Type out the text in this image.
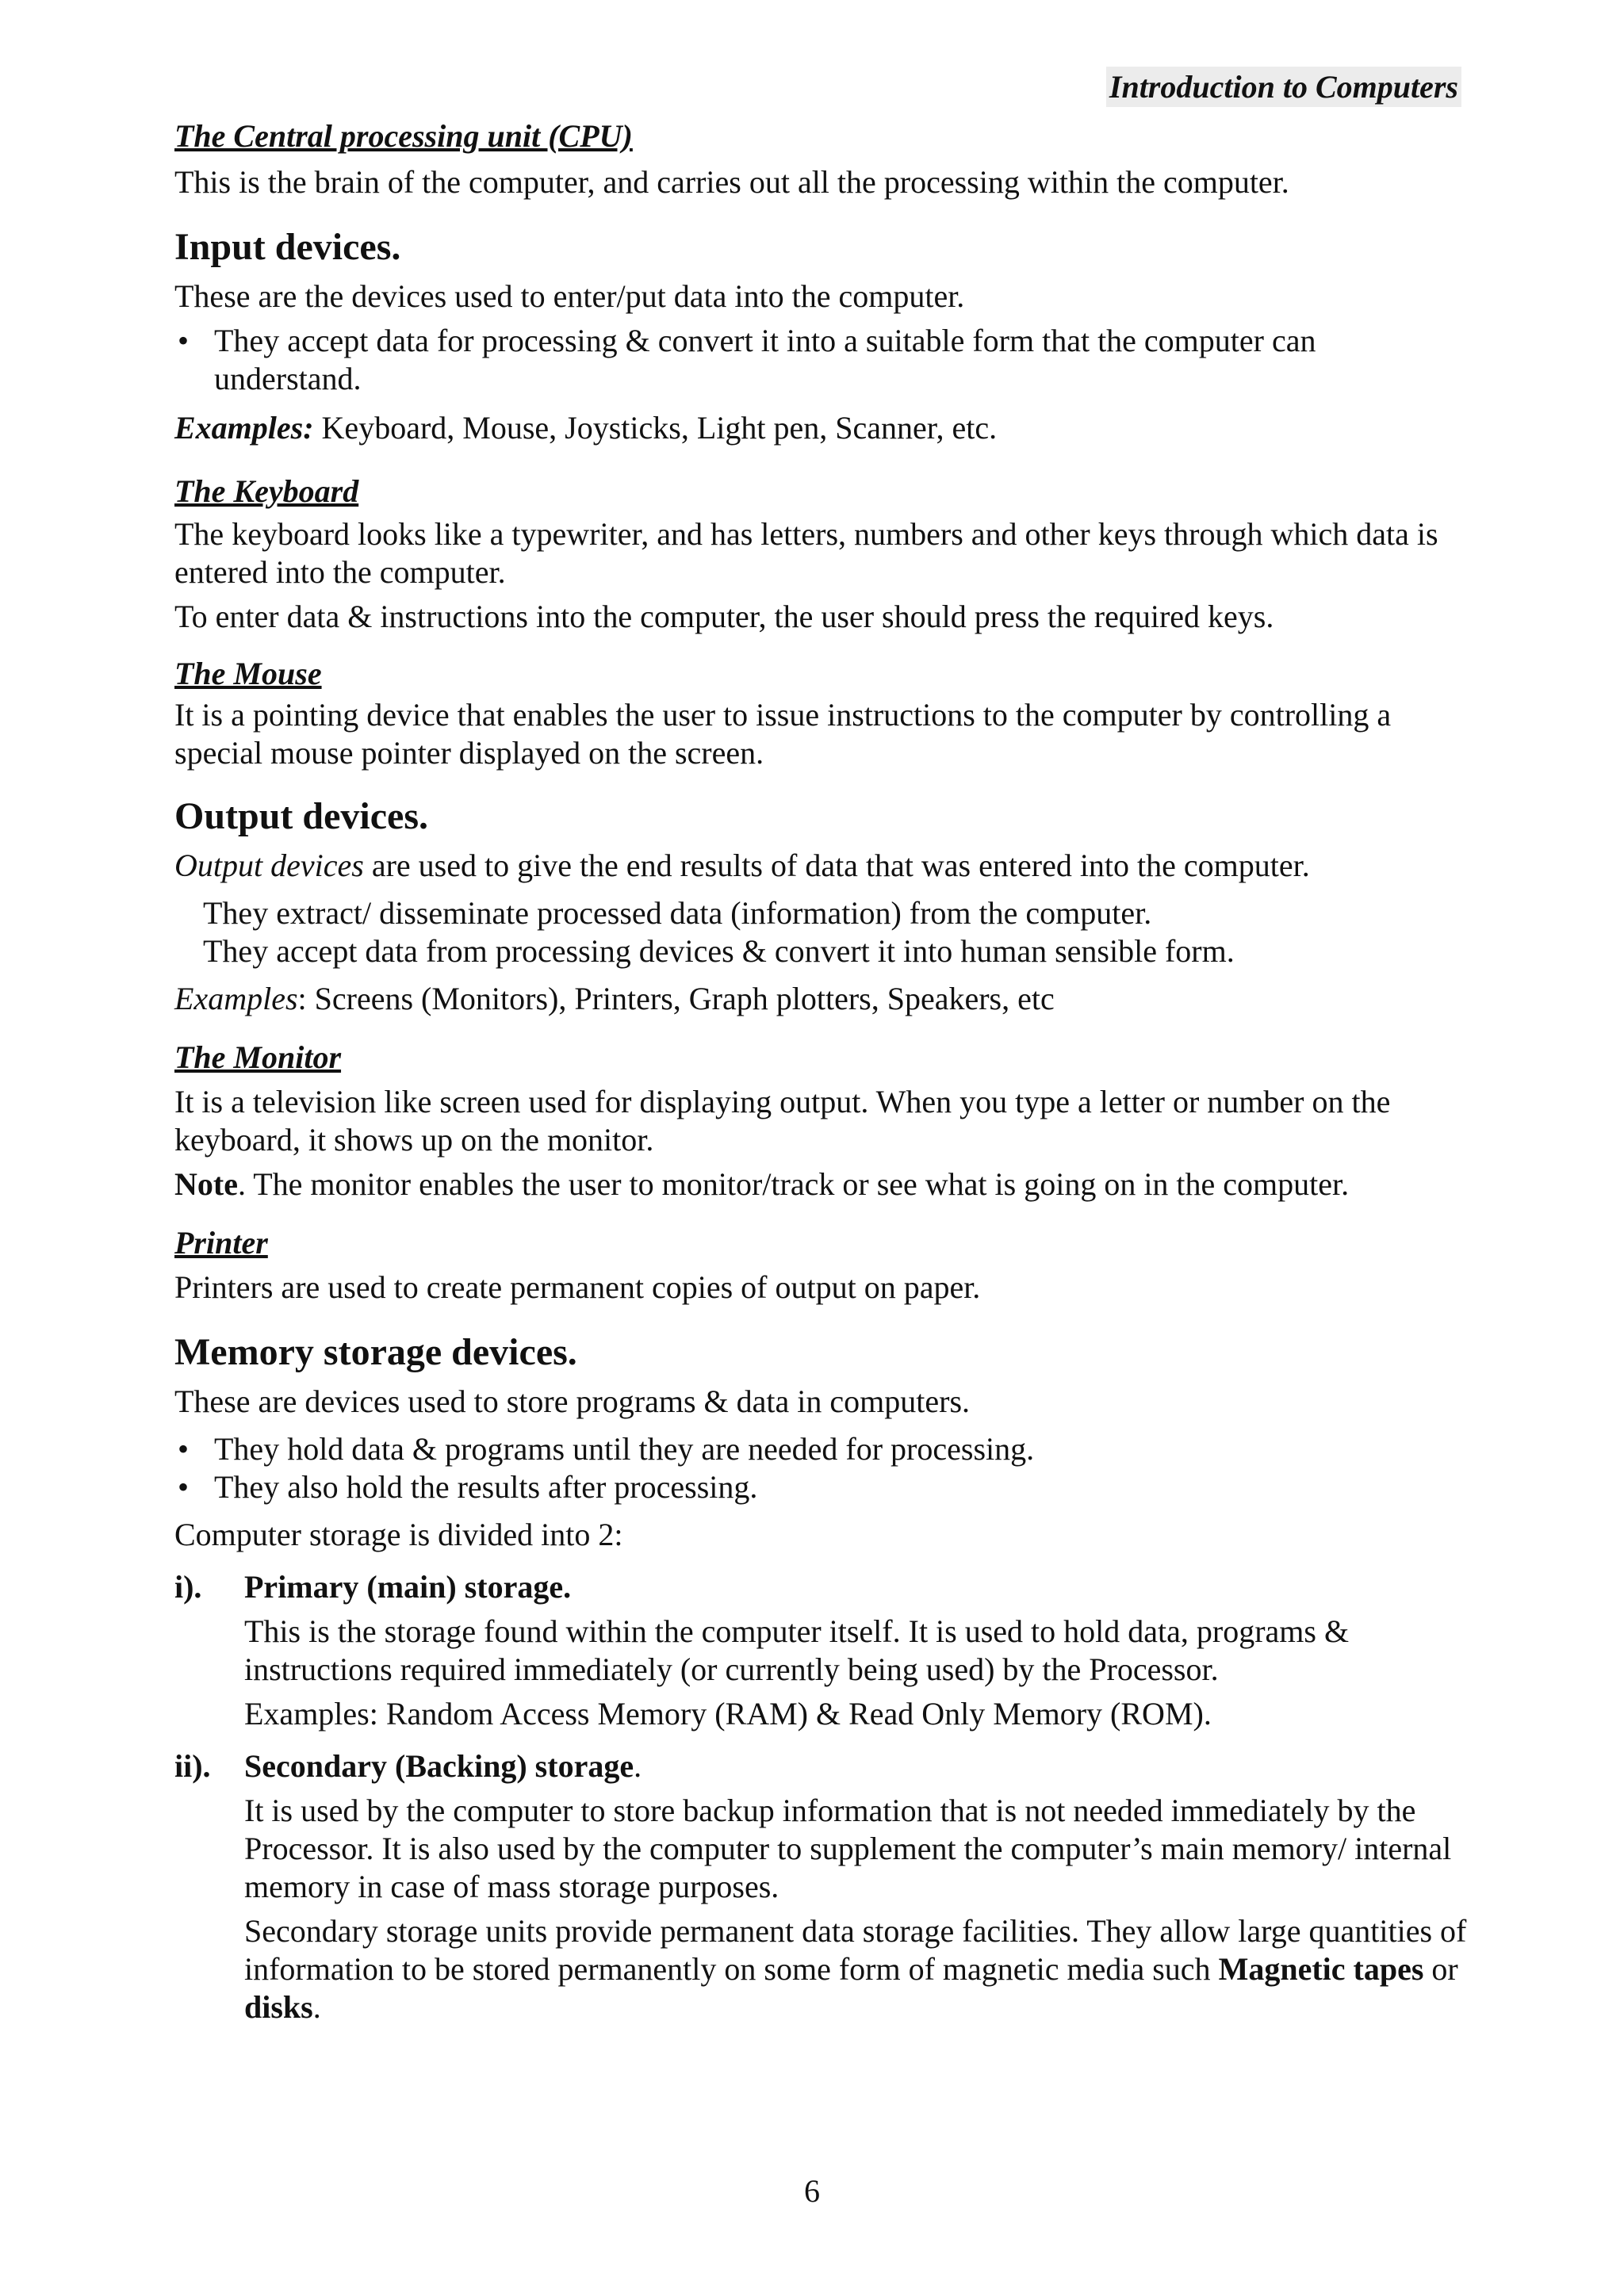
Introduction to Computers
The Central processing unit (CPU)

This is the brain of the computer, and carries out all the processing within the computer.

Input devices.

These are the devices used to enter/put data into the computer.

• They accept data for processing & convert it into a suitable form that the computer can understand.

Examples: Keyboard, Mouse, Joysticks, Light pen, Scanner, etc.

The Keyboard

The keyboard looks like a typewriter, and has letters, numbers and other keys through which data is entered into the computer.

To enter data & instructions into the computer, the user should press the required keys.

The Mouse

It is a pointing device that enables the user to issue instructions to the computer by controlling a special mouse pointer displayed on the screen.

Output devices.

Output devices are used to give the end results of data that was entered into the computer.

They extract/ disseminate processed data (information) from the computer.

They accept data from processing devices & convert it into human sensible form.

Examples: Screens (Monitors), Printers, Graph plotters, Speakers, etc

The Monitor

It is a television like screen used for displaying output. When you type a letter or number on the keyboard, it shows up on the monitor.

Note. The monitor enables the user to monitor/track or see what is going on in the computer.

Printer

Printers are used to create permanent copies of output on paper.

Memory storage devices.

These are devices used to store programs & data in computers.

• They hold data & programs until they are needed for processing.
• They also hold the results after processing.

Computer storage is divided into 2:

i).	Primary (main) storage.

This is the storage found within the computer itself. It is used to hold data, programs & instructions required immediately (or currently being used) by the Processor.

Examples: Random Access Memory (RAM) & Read Only Memory (ROM).

ii).	Secondary (Backing) storage.

It is used by the computer to store backup information that is not needed immediately by the Processor. It is also used by the computer to supplement the computer’s main memory/ internal memory in case of mass storage purposes.

Secondary storage units provide permanent data storage facilities. They allow large quantities of information to be stored permanently on some form of magnetic media such Magnetic tapes or disks.

6
